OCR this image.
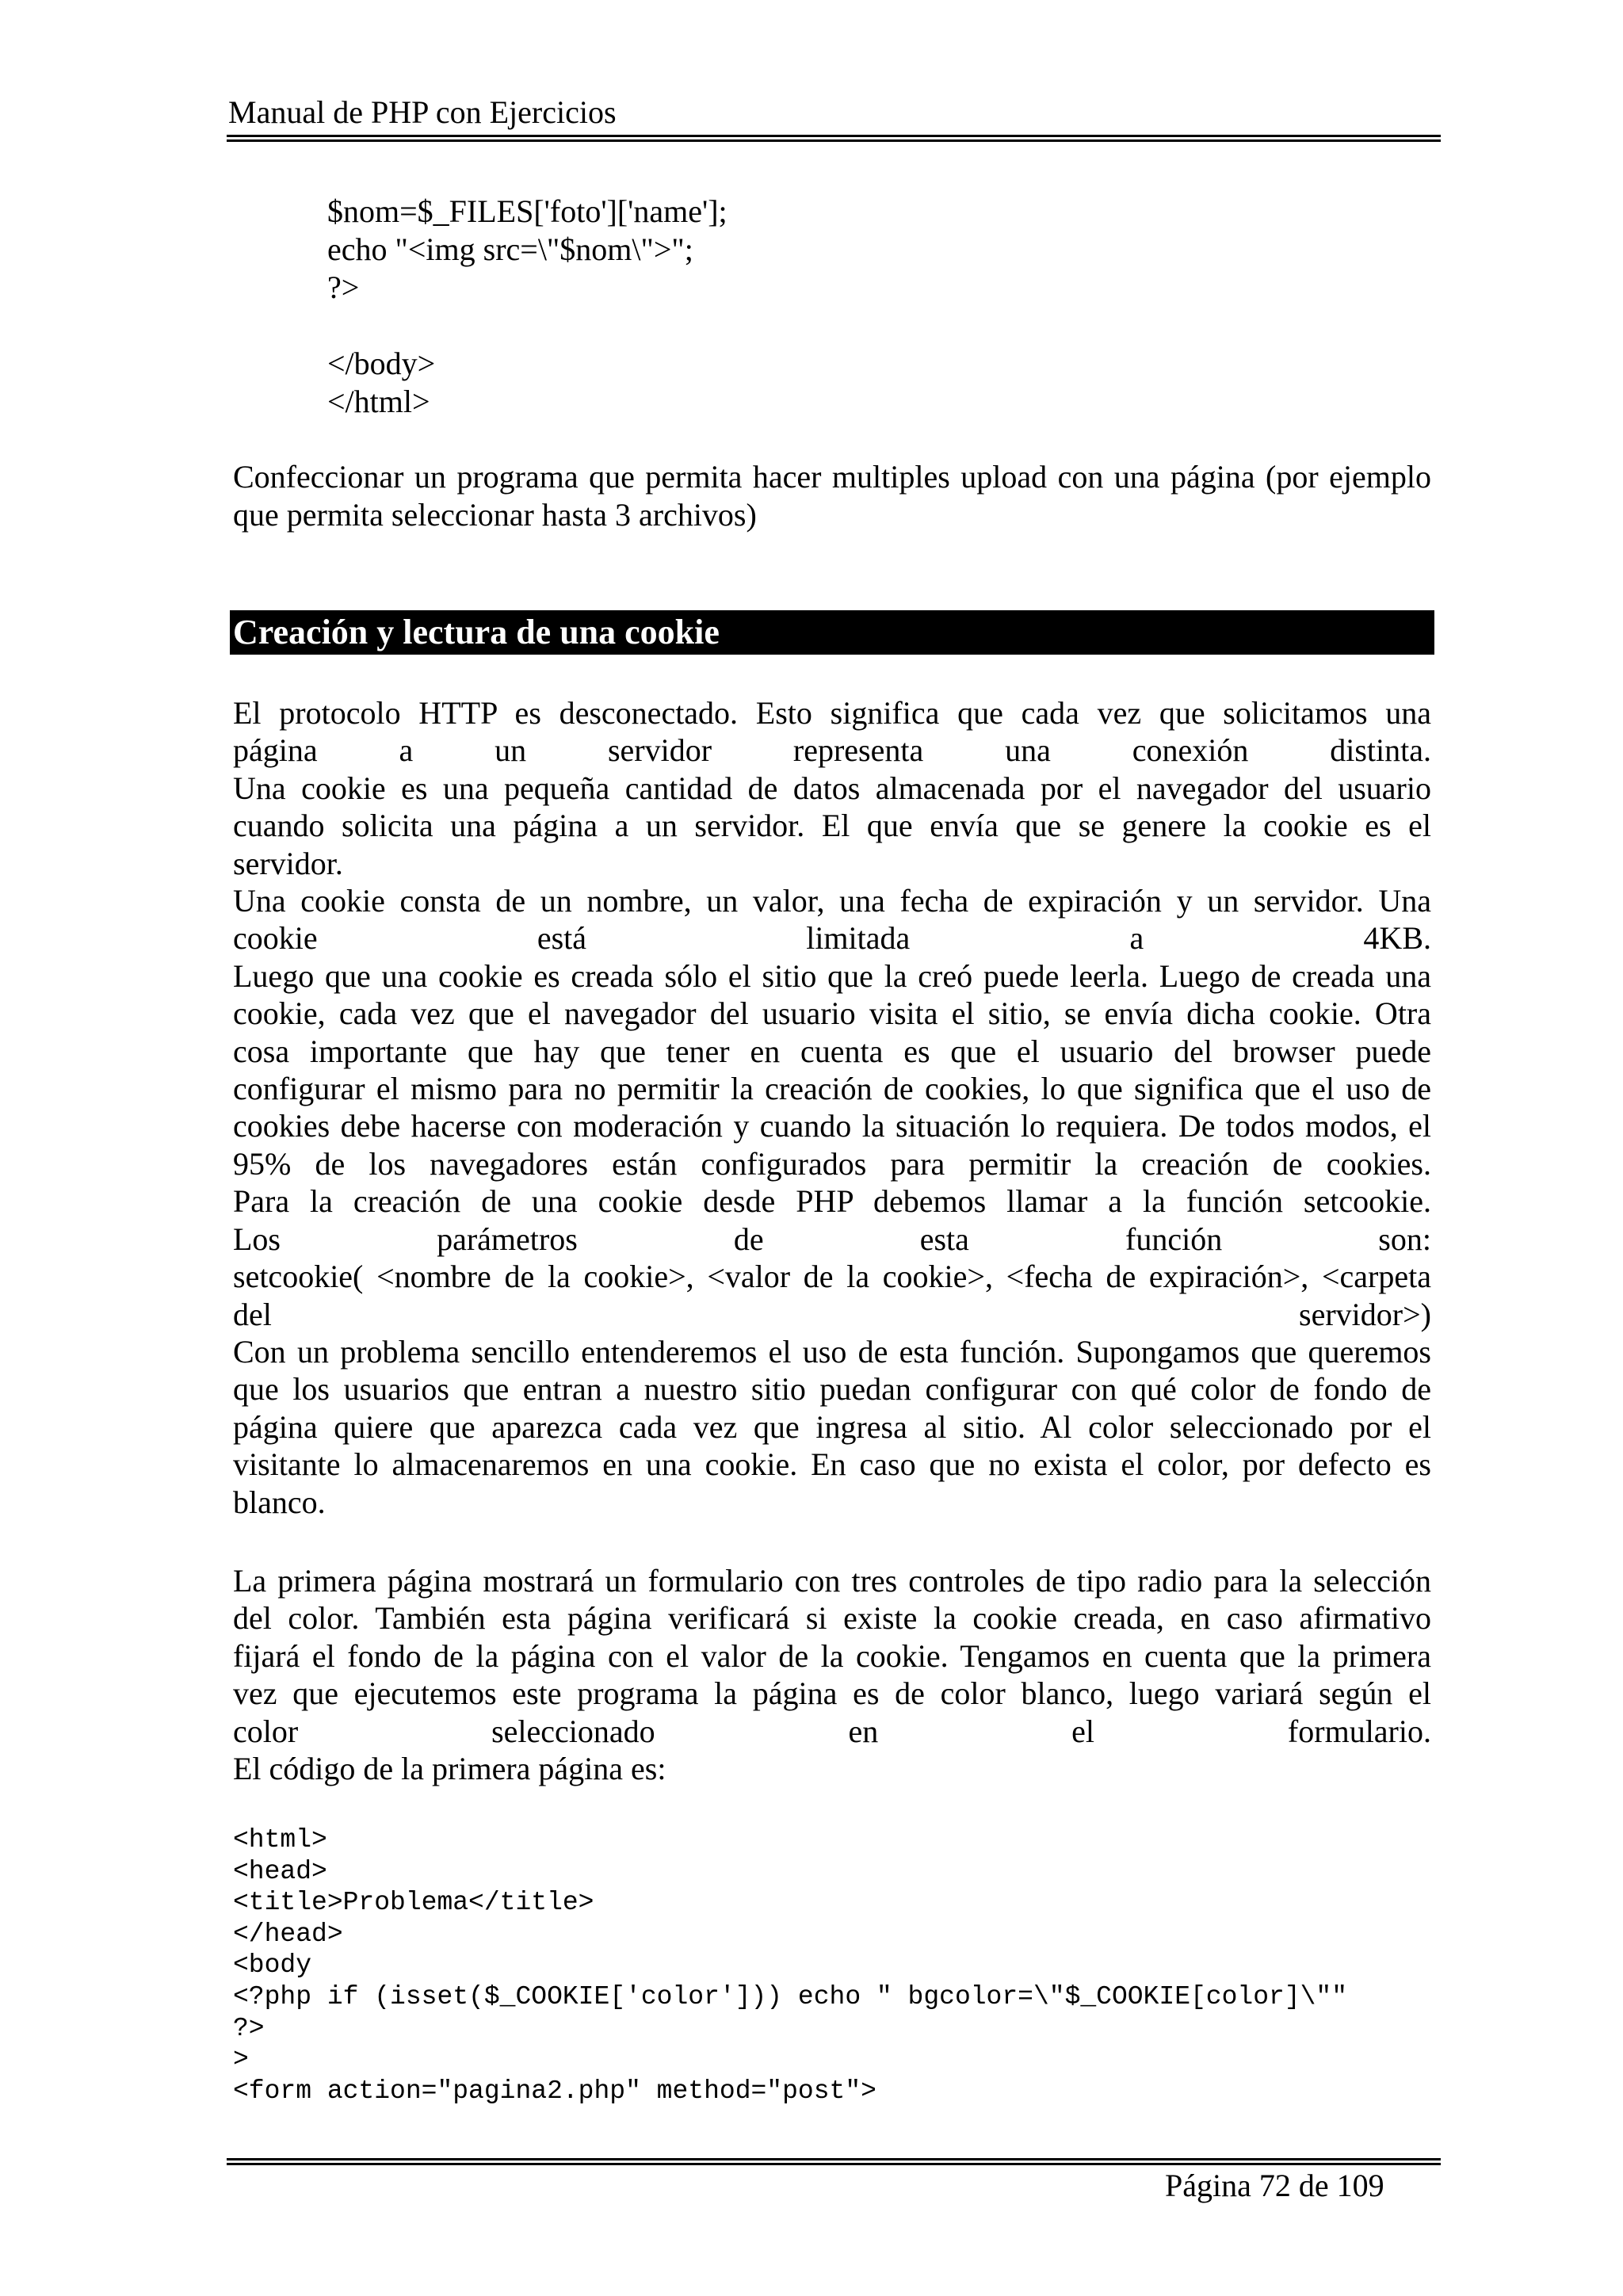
Manual de PHP con Ejercicios
$nom=$_FILES['foto']['name'];
echo "<img src=\"$nom\">";
?>

</body>
</html>
Confeccionar un programa que permita hacer multiples upload con una página (por ejemplo que permita seleccionar hasta 3 archivos)
Creación y lectura de una cookie
El protocolo HTTP es desconectado. Esto significa que cada vez que solicitamos una
página a un servidor representa una conexión distinta.
Una cookie es una pequeña cantidad de datos almacenada por el navegador del usuario
cuando solicita una página a un servidor. El que envía que se genere la cookie es el
servidor.
Una cookie consta de un nombre, un valor, una fecha de expiración y un servidor. Una
cookie está limitada a 4KB.
Luego que una cookie es creada sólo el sitio que la creó puede leerla. Luego de creada una
cookie, cada vez que el navegador del usuario visita el sitio, se envía dicha cookie. Otra
cosa importante que hay que tener en cuenta es que el usuario del browser puede
configurar el mismo para no permitir la creación de cookies, lo que significa que el uso de
cookies debe hacerse con moderación y cuando la situación lo requiera. De todos modos, el
95% de los navegadores están configurados para permitir la creación de cookies.
Para la creación de una cookie desde PHP debemos llamar a la función setcookie.
Los parámetros de esta función son:
setcookie( <nombre de la cookie>, <valor de la cookie>, <fecha de expiración>, <carpeta
del servidor>)
Con un problema sencillo entenderemos el uso de esta función. Supongamos que queremos
que los usuarios que entran a nuestro sitio puedan configurar con qué color de fondo de
página quiere que aparezca cada vez que ingresa al sitio. Al color seleccionado por el
visitante lo almacenaremos en una cookie. En caso que no exista el color, por defecto es
blanco.
La primera página mostrará un formulario con tres controles de tipo radio para la selección
del color. También esta página verificará si existe la cookie creada, en caso afirmativo
fijará el fondo de la página con el valor de la cookie. Tengamos en cuenta que la primera
vez que ejecutemos este programa la página es de color blanco, luego variará según el
color seleccionado en el formulario.
El código de la primera página es:
<html>
<head>
<title>Problema</title>
</head>
<body
<?php if (isset($_COOKIE['color'])) echo " bgcolor=\"$_COOKIE[color]\""
?>
>
<form action="pagina2.php" method="post">
Página 72 de 109
